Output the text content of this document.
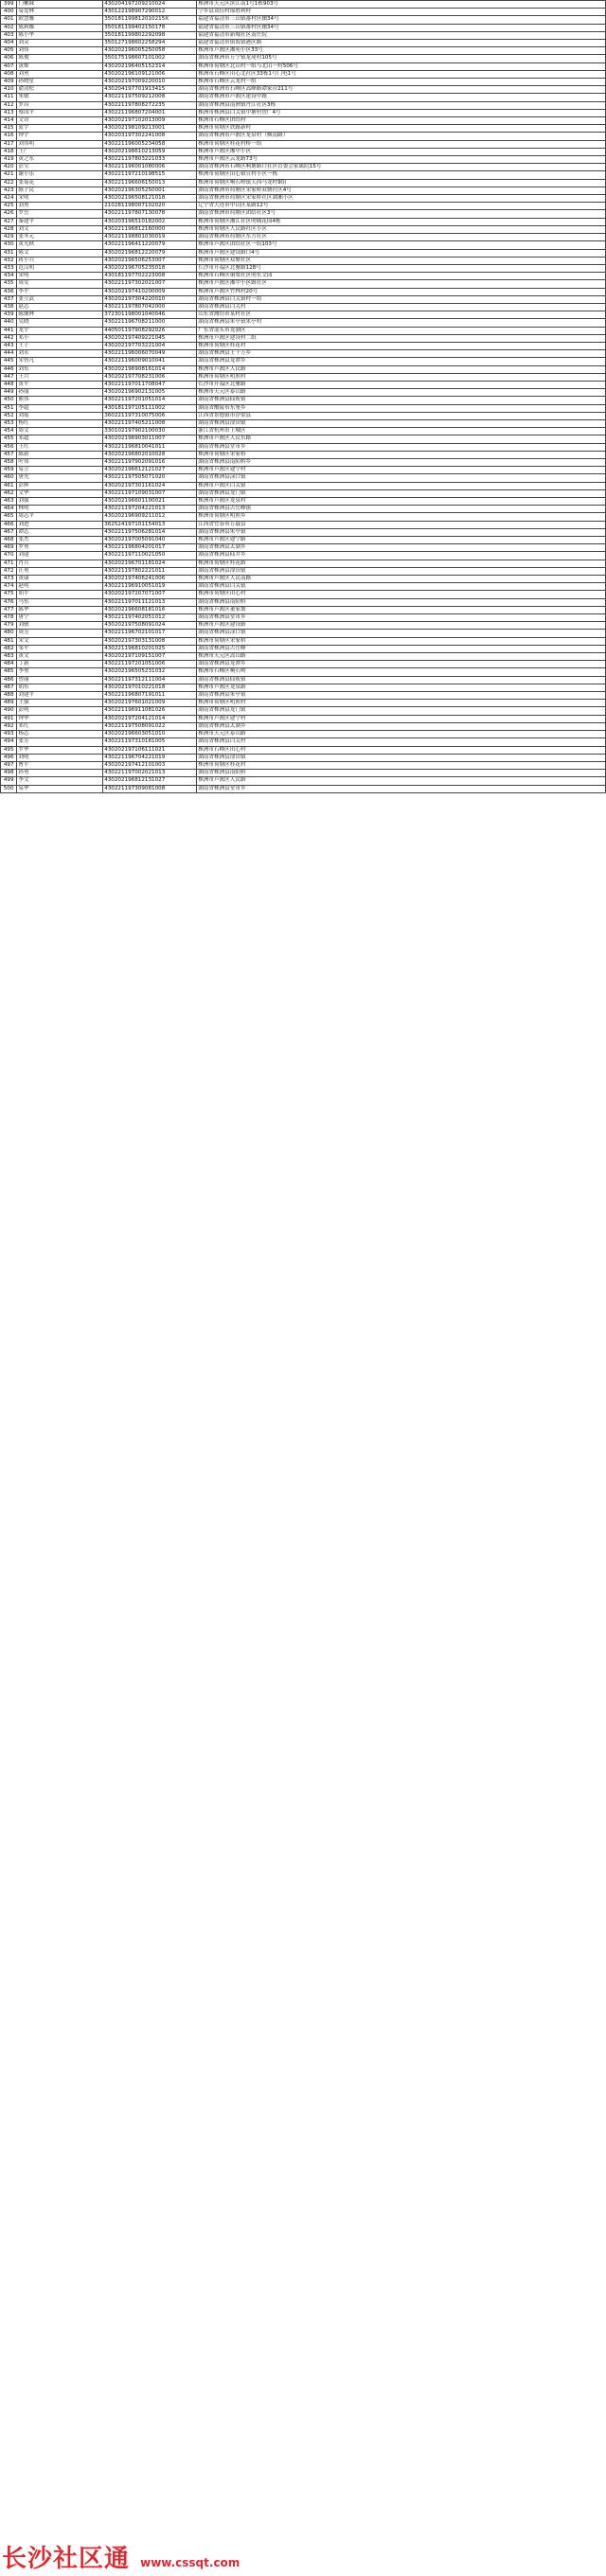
399	门郴妹	430204197209210024	株洲市天元区滨江南1号1栋903号
400	易爱林	430122198907290012	宁乡县双佳村锦胜利村
401	欧慧馨	350181199812010215X	福建省福清市三山镇番村区幽34号
402	陈莉娜	350181199402150178	福建省福清市三山镇番村区幽34号
403	陈小华	350181199802292098	福建省福清市新城社区南庄院
404	刘灵	350127198602258294	福建省福清市镇海镇港区路
405	刘伟	430202196005250058	株洲市芦淞区湘苑小区33号
406	陈俊	350175198607101002	湖南省株洲市万宁镇龙尾村105号
407	黄维	430202196405152314	株洲市荷塘区北山村一组与北山一村506号
408	刘勇	430202196109121006	株洲市石峰区田心北社区33栋1号门电1号
409	孙晓星	430202197009220010	株洲市石峰区云龙村一组
410	俞清松	430204197701913415	湖南省株洲市石峰区嵩峰路谭家台211号
411	朱敏	430221197509212008	湖南省株洲市芦淞区建设中路
412	罗昌	430221197808272235	湖南省株洲县南洲镇丹江社区3栋
413	蔡国平	430221196807204001	株洲市株洲县白关镇中塘村曾广4号
414	文诗	430202197102013009	株洲市石峰区团结村
415	蓝宇	430202198109213001	株洲市荷塘区铁路新村
416	钟宇	430203197302241008	湖南省株洲市芦淞区龙泉村（枫南路）
417	刘伟明	430221196005234058	株洲市荷塘区桂花村桥一组
418	王广	430202198610213059	株洲市芦淞区湘中小区
419	黄之东	430221197803221033	株洲市芦淞区云龙路73号
420	彭宝	430221196001080006	湖南省株洲市石峰区响塘路口社区管委会家属院15号
421	谢小乐	430221197210198515	株洲市荷塘区田心镇宣村小区一栋
422	张菊花	430221196606150013	株洲市荷塘区响石岭镇天西马龙村9组
423	陈子民	430202196305250001	湖南省株洲市荷塘区宋家桥双塘社区4号
424	宋明	430202196508121018	湖南省株洲市荷塘区宋家桥社区湖湘小区
425	刘勇	210281198007102020	辽宁省大连市中山区某路12号
426	罗岳	430221197807130078	湖南省株洲市荷塘区团结社区3号
427	秦建平	430203196510182002	株洲市荷塘区湘江社区明城花园4栋
428	刘文	430221196812160000	株洲市荷塘区人民路社区小区
429	张冬元	430221198801030019	湖南省株洲市荷塘区东方社区
430	黄光秋	430221196411220079	株洲市芦淞区团结社区一组103号
431	陈文	430202196812220079	株洲市芦淞区建设路口4号
432	蒋小兵	430202196506253007	株洲市荷塘区双塘社区
433	范汉明	430202196705235018	长沙市开福区北雅路128号
434	宋明	430181197702223008	株洲市石峰区铜梁社区明东文园
435	周女	430221197302021007	株洲市芦淞区湘中小区路社区
436	李平	430202197410200009	株洲市芦淞区竹林村20号
437	张立武	430202197304220010	湖南省株洲县白关镇村一组
438	赵志	430221197807042000	湖南省株洲县白关村
439	陈继林	372301198001040046	山东省潍坊市某村社区
440	吴晓	430221196708211000	湖南省株洲县朱亭镇朱亭村
441	龙宇	440501197908292026	广东省汕头市龙湖区
442	邓小	430202197409221045	株洲市芦淞区建设村二组
443	王子	430202197703221004	株洲市荷塘区桂花村
444	刘永	430221196006070049	湖南省株洲县王十万乡
445	宋智凡	430221196009010041	湖南省株洲县龙潭乡
446	刘东	430202196908161014	株洲市芦淞区人民路
447	王兴	430202197708231006	株洲市荷塘区明照村
448	黄平	430221197011708047	长沙市开福区北雅路
449	孙丽	430202196902131005	株洲市天元区泰山路
450	熊伟	430221197201051014	湖南省株洲县仙庾镇
451	李超	430181197105111002	湖南省醴陵市东堡乡
452	刘瑶	360221197310075006	江西省景德镇市浮梁县
453	杨红	430221197405211008	湖南省株洲县淦田镇
454	周文	330102197902100030	浙江省杭州市上城区
455	邓超	430202196903011007	株洲市芦淞区人民东路
456	王红	430221196810041011	湖南省株洲县堂市乡
457	陈新	430202196802010028	株洲市荷塘区宋家桥
458	叶伟	430221197902091016	湖南省株洲县南阳桥乡
459	易立	430202196612121027	株洲市芦淞区建宁村
460	唐光	430221197505071020	湖南省株洲县渌口镇
461	彭辉	430202197301161024	株洲市芦淞区白关镇
462	文华	430221197109031007	湖南省株洲县龙门镇
463	刘强	430202196601100021	株洲市芦淞区龙泉村
464	林明	430221197204221013	湖南省株洲县古岳峰镇
465	周志平	430202196909211012	株洲市荷塘区明照乡
466	刘进	362524197101154013	江西省宜春市万载县
467	谭志	430221197506281014	湖南省株洲县朱亭镇
468	张杰	430202197005091040	株洲市芦淞区建宁路
469	罗勇	430221196804201017	湖南省株洲县太湖乡
470	刘建	430221197110021050	湖南省株洲县仙井乡
471	肖兵	430202196701181024	株洲市荷塘区桂花路
472	汪勇	430221197802221011	湖南省株洲县淦田镇
473	黄康	430202197406241006	株洲市芦淞区人民南路
474	赵明	430221196910051019	湖南省株洲县白关镇
475	胡平	430202197207071007	株洲市荷塘区田心村
476	马东	430221197011121013	湖南省株洲县南阳桥
477	陈华	430202196608181016	株洲市芦淞区董家塅
478	唐宁	430221197402051012	湖南省株洲县堂市乡
479	刘敏	430202197508091024	株洲市芦淞区建设路
480	周芳	430221196702101017	湖南省株洲县渌口镇
481	宋文	430202197303131008	株洲市荷塘区宋家桥
482	邹平	430221196810201025	湖南省株洲县古岳峰
483	黄文	430202197109151007	株洲市天元区嵩山路
484	丁新	430221197201051006	湖南省株洲县龙潭乡
485	李勇	430202196505231032	株洲市石峰区响石岭
486	曾丽	430221197312111004	湖南省株洲县仙庾镇
487	胡东	430202197010221018	株洲市芦淞区龙泉路
488	刘建平	430221196807191011	湖南省株洲县朱亭镇
489	王强	430202197601021009	株洲市荷塘区明照村
490	彭明	430221196911081026	湖南省株洲县龙门镇
491	钟华	430202197204121014	株洲市芦淞区建宁村
492	邓红	430221197508091022	湖南省株洲县太湖乡
493	杨志	430202196603051010	株洲市天元区泰山路
494	张芳	430221197310181005	湖南省株洲县白关村
495	罗华	430202197106111021	株洲市石峰区田心村
496	刘明	430221196704221019	湖南省株洲县淦田镇
497	曹平	430202197412101003	株洲市荷塘区桂花村
498	孙勇	430221197002021013	湖南省株洲县南阳桥
499	李文	430202196812131027	株洲市芦淞区人民路
500	易华	430221197309081008	湖南省株洲县堂市乡
长沙社区通 www.cssqt.com
